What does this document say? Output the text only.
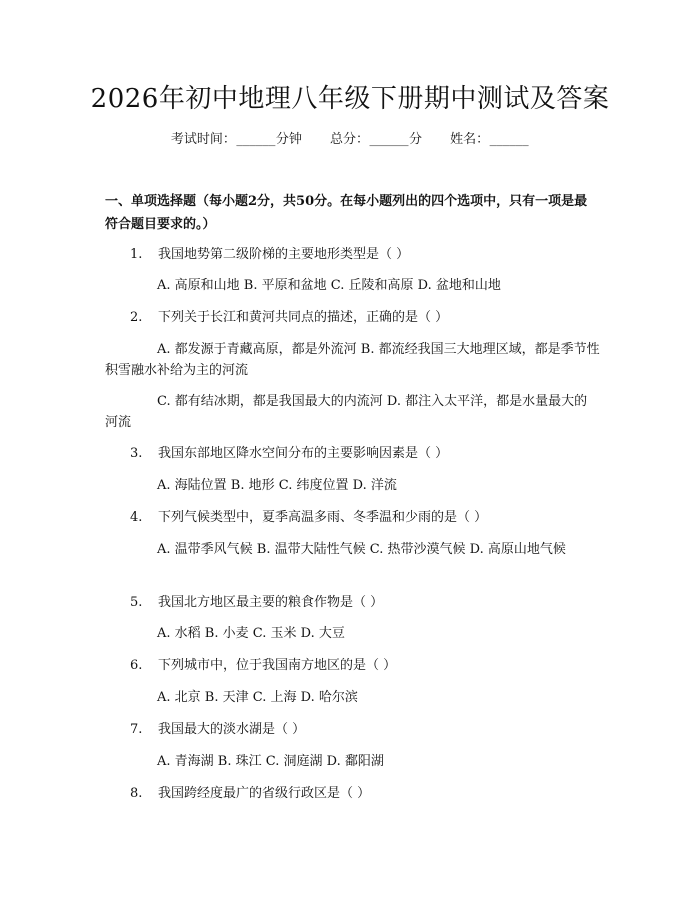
2026年初中地理八年级下册期中测试及答案
考试时间：______分钟 总分：______分 姓名：______
一、单项选择题（每小题2分，共50分。在每小题列出的四个选项中，只有一项是最符合题目要求的。）
1. 我国地势第二级阶梯的主要地形类型是（ ）
A. 高原和山地 B. 平原和盆地 C. 丘陵和高原 D. 盆地和山地
2. 下列关于长江和黄河共同点的描述，正确的是（ ）
A. 都发源于青藏高原，都是外流河 B. 都流经我国三大地理区域，都是季节性积雪融水补给为主的河流
C. 都有结冰期，都是我国最大的内流河 D. 都注入太平洋，都是水量最大的河流
3. 我国东部地区降水空间分布的主要影响因素是（ ）
A. 海陆位置 B. 地形 C. 纬度位置 D. 洋流
4. 下列气候类型中，夏季高温多雨、冬季温和少雨的是（ ）
A. 温带季风气候 B. 温带大陆性气候 C. 热带沙漠气候 D. 高原山地气候
5. 我国北方地区最主要的粮食作物是（ ）
A. 水稻 B. 小麦 C. 玉米 D. 大豆
6. 下列城市中，位于我国南方地区的是（ ）
A. 北京 B. 天津 C. 上海 D. 哈尔滨
7. 我国最大的淡水湖是（ ）
A. 青海湖 B. 珠江 C. 洞庭湖 D. 鄱阳湖
8. 我国跨经度最广的省级行政区是（ ）
